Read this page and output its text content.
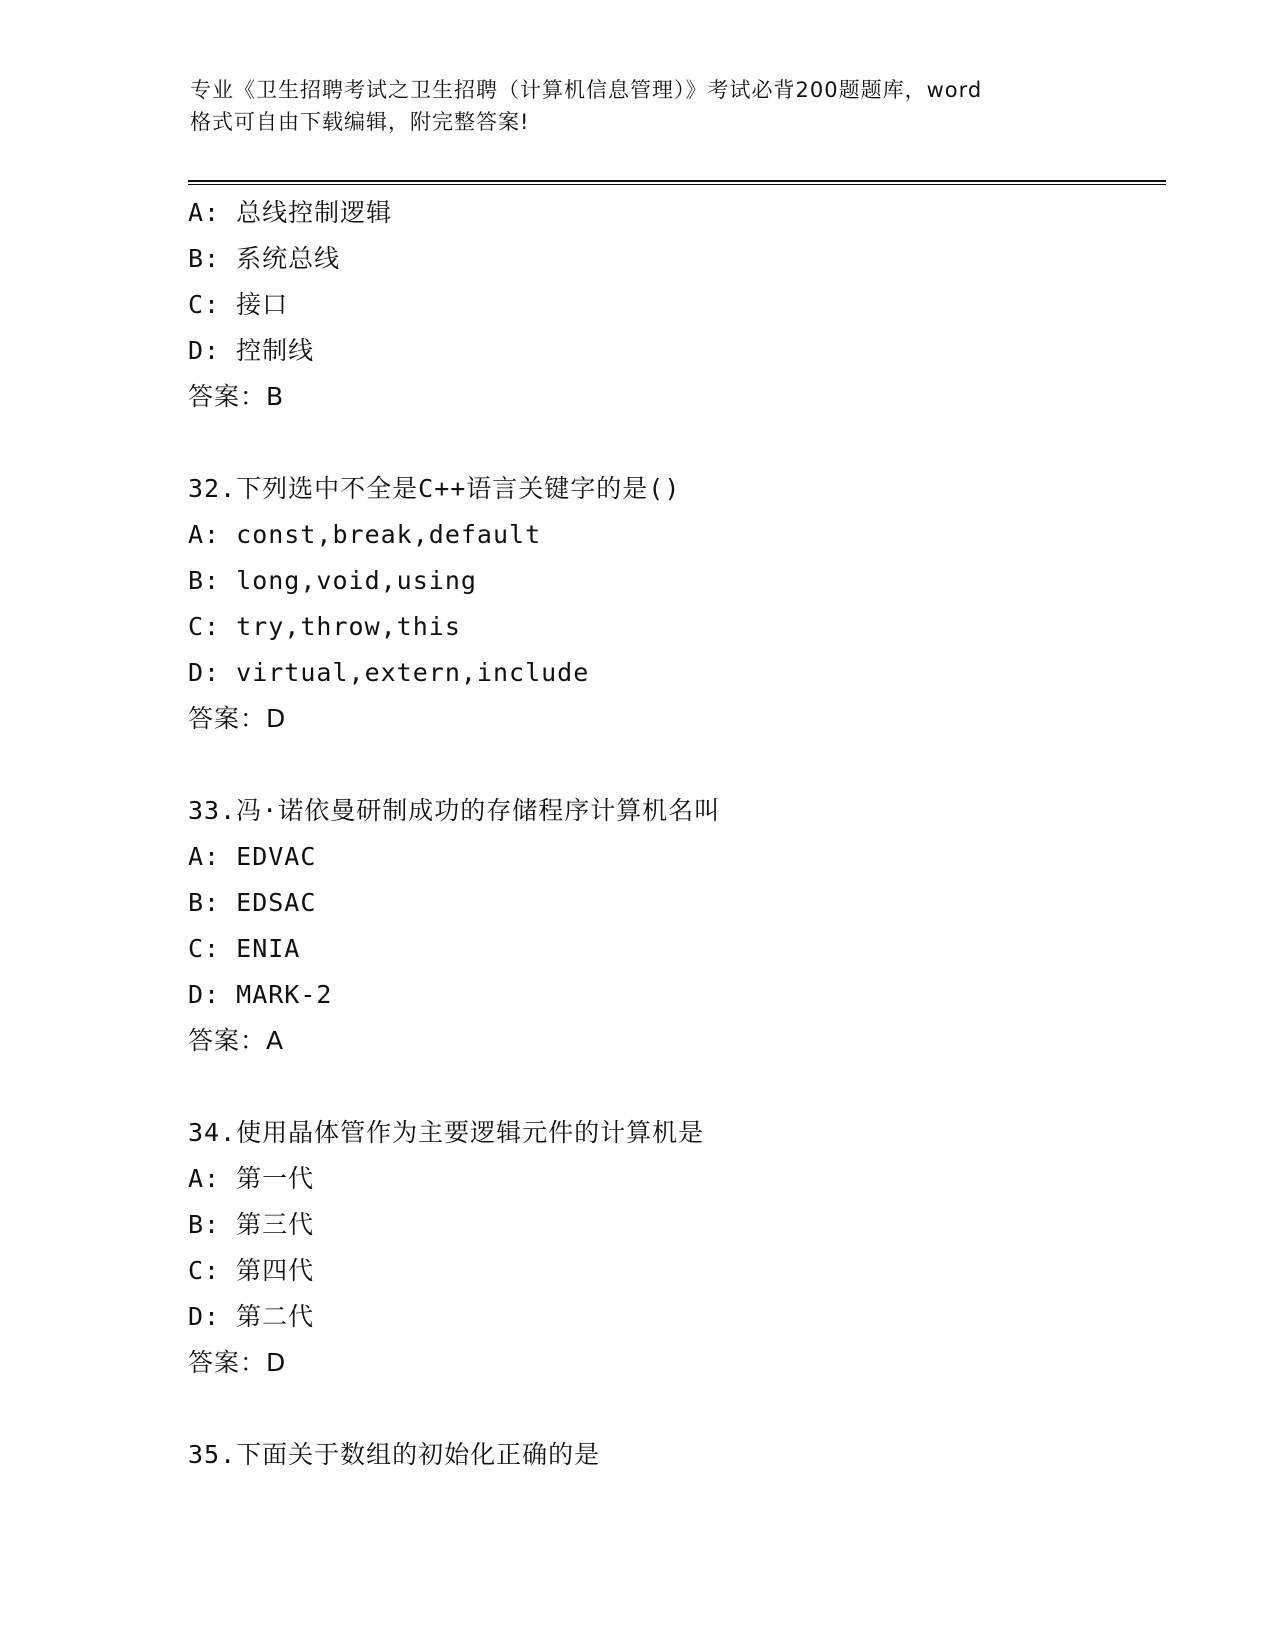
专业《卫生招聘考试之卫生招聘（计算机信息管理）》考试必背200题题库，word
格式可自由下载编辑，附完整答案!
A: 总线控制逻辑
B: 系统总线
C: 接口
D: 控制线
答案：B
32.下列选中不全是C++语言关键字的是()
A: const,break,default
B: long,void,using
C: try,throw,this
D: virtual,extern,include
答案：D
33.冯·诺依曼研制成功的存储程序计算机名叫
A: EDVAC
B: EDSAC
C: ENIA
D: MARK-2
答案：A
34.使用晶体管作为主要逻辑元件的计算机是
A: 第一代
B: 第三代
C: 第四代
D: 第二代
答案：D
35.下面关于数组的初始化正确的是
